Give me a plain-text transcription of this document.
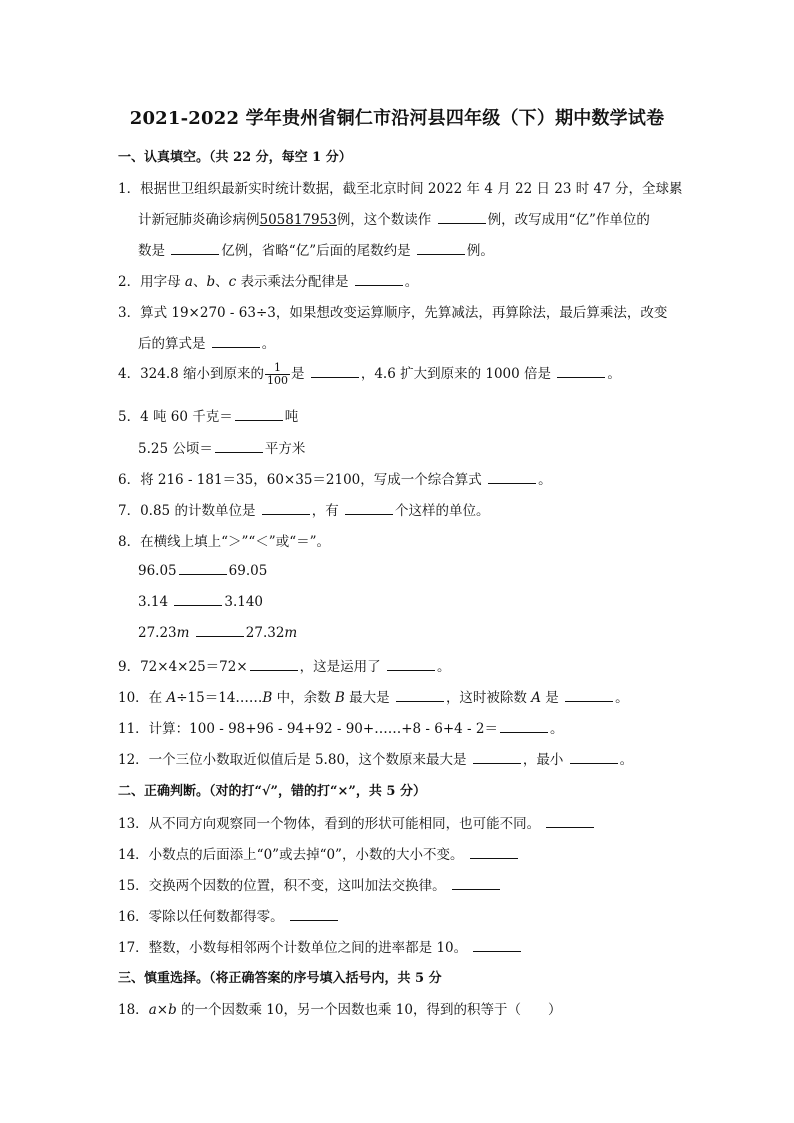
2021-2022 学年贵州省铜仁市沿河县四年级（下）期中数学试卷
一、认真填空。（共 22 分，每空 1 分）
1．根据世卫组织最新实时统计数据，截至北京时间 2022 年 4 月 22 日 23 时 47 分，全球累
计新冠肺炎确诊病例505817953例，这个数读作	例，改写成用“亿”作单位的
数是	亿例，省略“亿”后面的尾数约是	例。
2．用字母 a、b、c 表示乘法分配律是	。
3．算式 19×270 - 63÷3，如果想改变运算顺序，先算减法，再算除法，最后算乘法，改变
后的算式是	。
4．324.8 缩小到原来的 $\frac{1}{100}$ 是	，4.6 扩大到原来的 1000 倍是	。
5．4 吨 60 千克＝	吨
5.25 公顷＝	平方米
6．将 216 - 181＝35，60×35＝2100，写成一个综合算式	。
7．0.85 的计数单位是	，有	个这样的单位。
8．在横线上填上“＞”“＜”或“＝”。
96.05	69.05
3.14	3.140
27.23m	27.32m
9．72×4×25＝72×	，这是运用了	。
10．在 A÷15＝14……B 中，余数 B 最大是	，这时被除数 A 是	。
11．计算：100 - 98+96 - 94+92 - 90+……+8 - 6+4 - 2＝	。
12．一个三位小数取近似值后是 5.80，这个数原来最大是	，最小	。
二、正确判断。（对的打“√”，错的打“×”，共 5 分）
13．从不同方向观察同一个物体，看到的形状可能相同，也可能不同。
14．小数点的后面添上“0”或去掉“0”，小数的大小不变。
15．交换两个因数的位置，积不变，这叫加法交换律。
16．零除以任何数都得零。
17．整数，小数每相邻两个计数单位之间的进率都是 10。
三、慎重选择。（将正确答案的序号填入括号内，共 5 分
18．a×b 的一个因数乘 10，另一个因数也乘 10，得到的积等于（　　）
